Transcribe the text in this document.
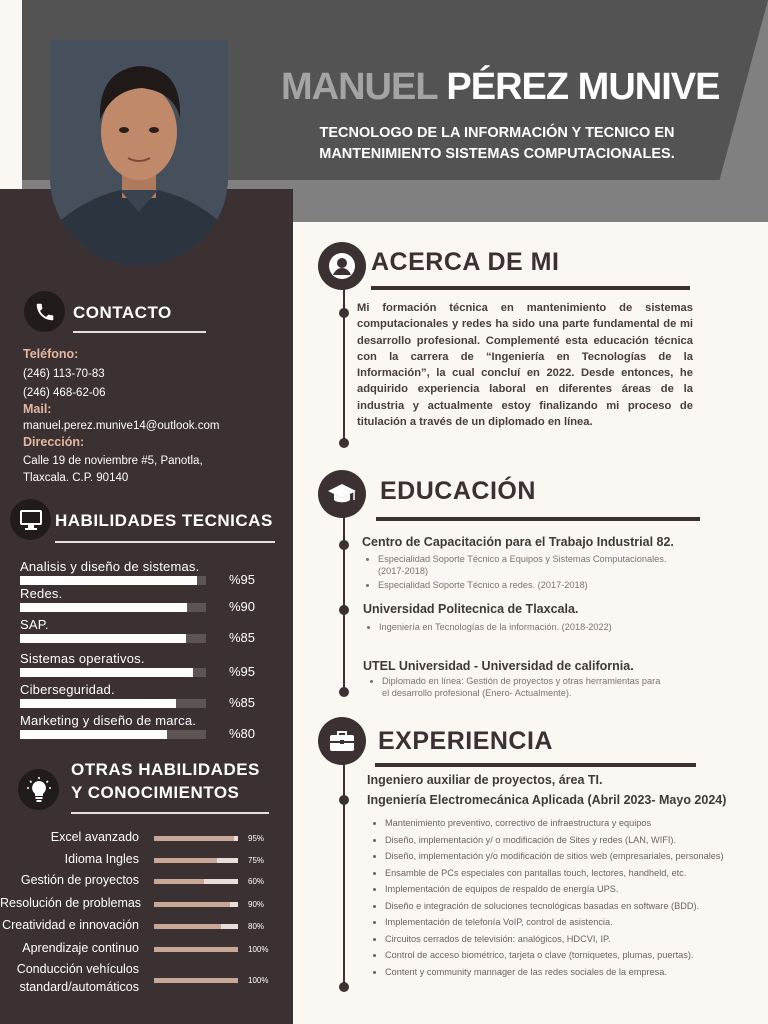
MANUEL PÉREZ MUNIVE
TECNOLOGO DE LA INFORMACIÓN Y TECNICO EN MANTENIMIENTO SISTEMAS COMPUTACIONALES.
CONTACTO
Teléfono:
(246) 113-70-83
(246) 468-62-06
Mail:
manuel.perez.munive14@outlook.com
Dirección:
Calle 19 de noviembre #5, Panotla,
Tlaxcala. C.P. 90140
HABILIDADES TECNICAS
Analisis y diseño de sistemas.
%95
Redes.
%90
SAP.
%85
Sistemas operativos.
%95
Ciberseguridad.
%85
Marketing y diseño de marca.
%80
OTRAS HABILIDADES
Y CONOCIMIENTOS
Excel avanzado	95%
Idioma Ingles	75%
Gestión de proyectos	60%
Resolución de problemas	90%
Creatividad e innovación	80%
Aprendizaje continuo	100%
Conducción vehículos
standard/automáticos	100%
ACERCA DE MI
Mi formación técnica en mantenimiento de sistemas computacionales y redes ha sido una parte fundamental de mi desarrollo profesional. Complementé esta educación técnica con la carrera de “Ingeniería en Tecnologías de la Información”, la cual concluí en 2022. Desde entonces, he adquirido experiencia laboral en diferentes áreas de la industria y actualmente estoy finalizando mi proceso de titulación a través de un diplomado en línea.
EDUCACIÓN
Centro de Capacitación para el Trabajo Industrial 82.
• Especialidad Soporte Técnico a Equipos y Sistemas Computacionales. (2017-2018)
• Especialidad Soporte Técnico a redes. (2017-2018)
Universidad Politecnica de Tlaxcala.
• Ingeniería en Tecnologías de la información. (2018-2022)
UTEL Universidad - Universidad de california.
• Diplomado en línea: Gestión de proyectos y otras herramientas para el desarrollo profesional (Enero- Actualmente).
EXPERIENCIA
Ingeniero auxiliar de proyectos, área TI.
Ingeniería Electromecánica Aplicada (Abril 2023- Mayo 2024)
• Mantenimiento preventivo, correctivo de infraestructura y equipos
• Diseño, implementación y/ o modificación de Sites y redes (LAN, WIFI).
• Diseño, implementación y/o modificación de sitios web (empresariales, personales)
• Ensamble de PCs especiales con pantallas touch, lectores, handheld, etc.
• Implementación de equipos de respaldo de energía UPS.
• Diseño e integración de soluciones tecnológicas basadas en software (BDD).
• Implementación de telefonía VoIP, control de asistencia.
• Circuitos cerrados de televisión: analógicos, HDCVI, IP.
• Control de acceso biométrico, tarjeta o clave (torniquetes, plumas, puertas).
• Content y community mannager de las redes sociales de la empresa.
